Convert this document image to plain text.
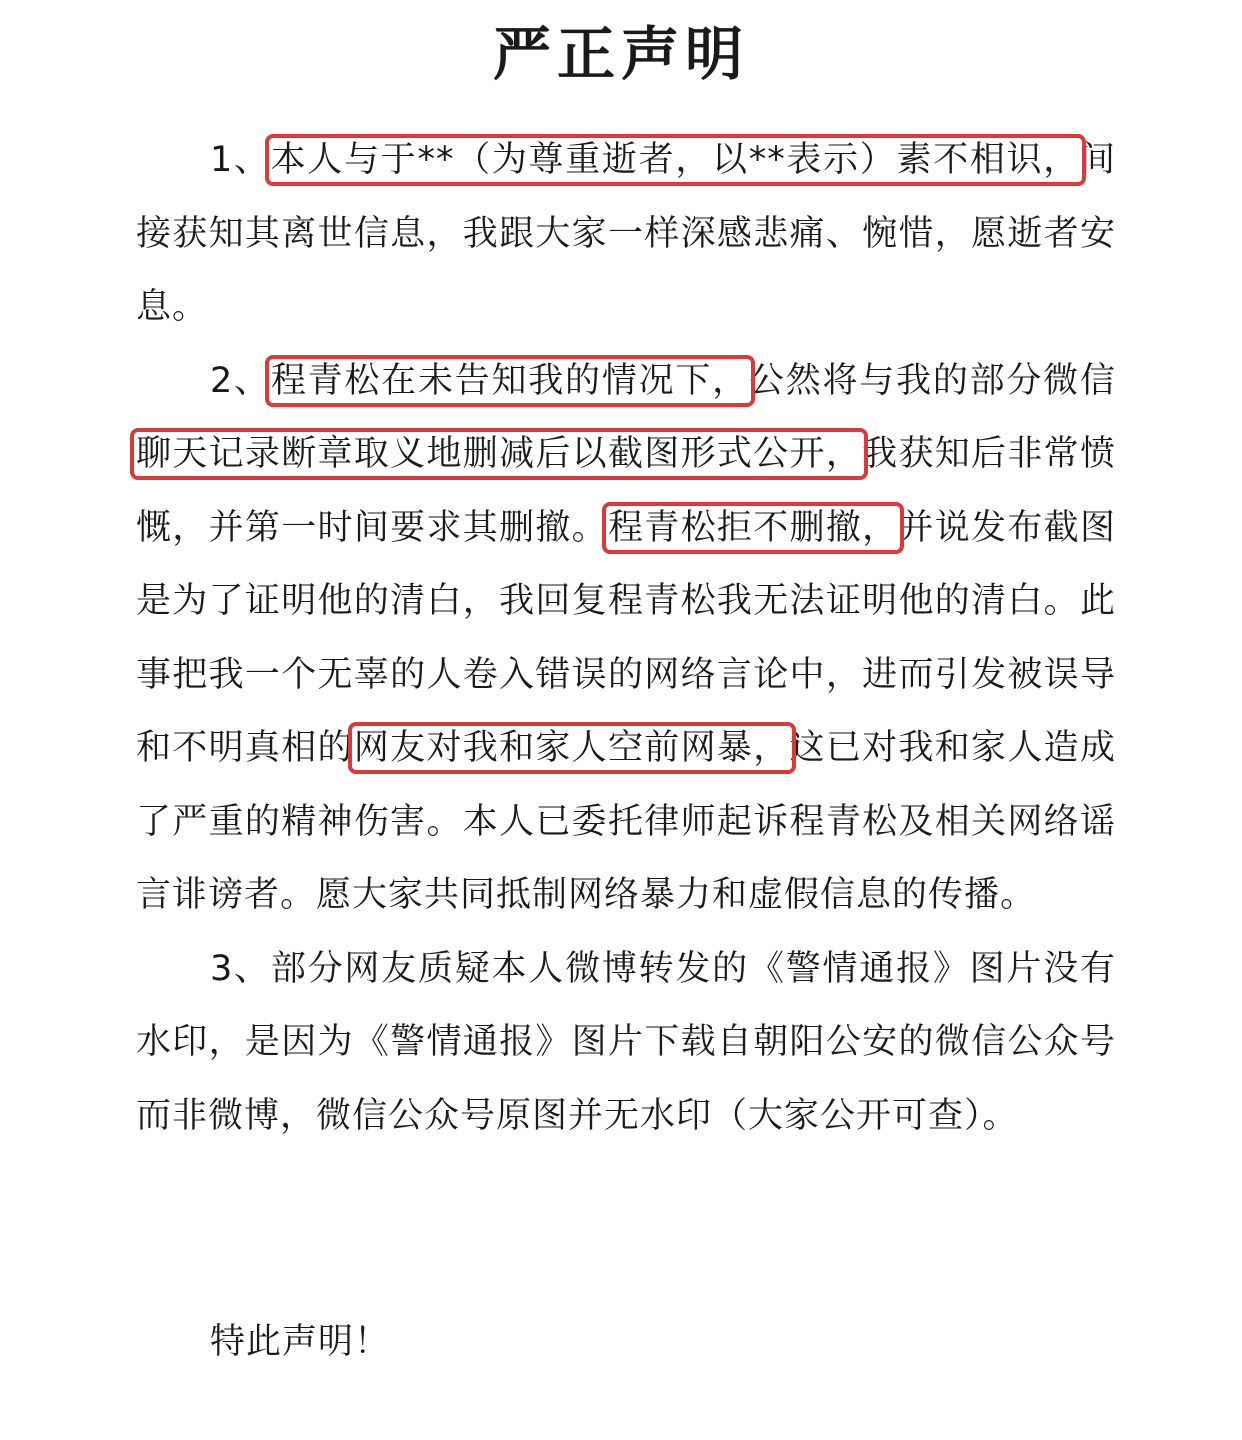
严正声明

1、本人与于**（为尊重逝者，以**表示）素不相识，间接获知其离世信息，我跟大家一样深感悲痛、惋惜，愿逝者安息。

2、程青松在未告知我的情况下，公然将与我的部分微信聊天记录断章取义地删减后以截图形式公开，我获知后非常愤慨，并第一时间要求其删撤。程青松拒不删撤，并说发布截图是为了证明他的清白，我回复程青松我无法证明他的清白。此事把我一个无辜的人卷入错误的网络言论中，进而引发被误导和不明真相的网友对我和家人空前网暴，这已对我和家人造成了严重的精神伤害。本人已委托律师起诉程青松及相关网络谣言诽谤者。愿大家共同抵制网络暴力和虚假信息的传播。

3、部分网友质疑本人微博转发的《警情通报》图片没有水印，是因为《警情通报》图片下载自朝阳公安的微信公众号而非微博，微信公众号原图并无水印（大家公开可查）。

特此声明！
